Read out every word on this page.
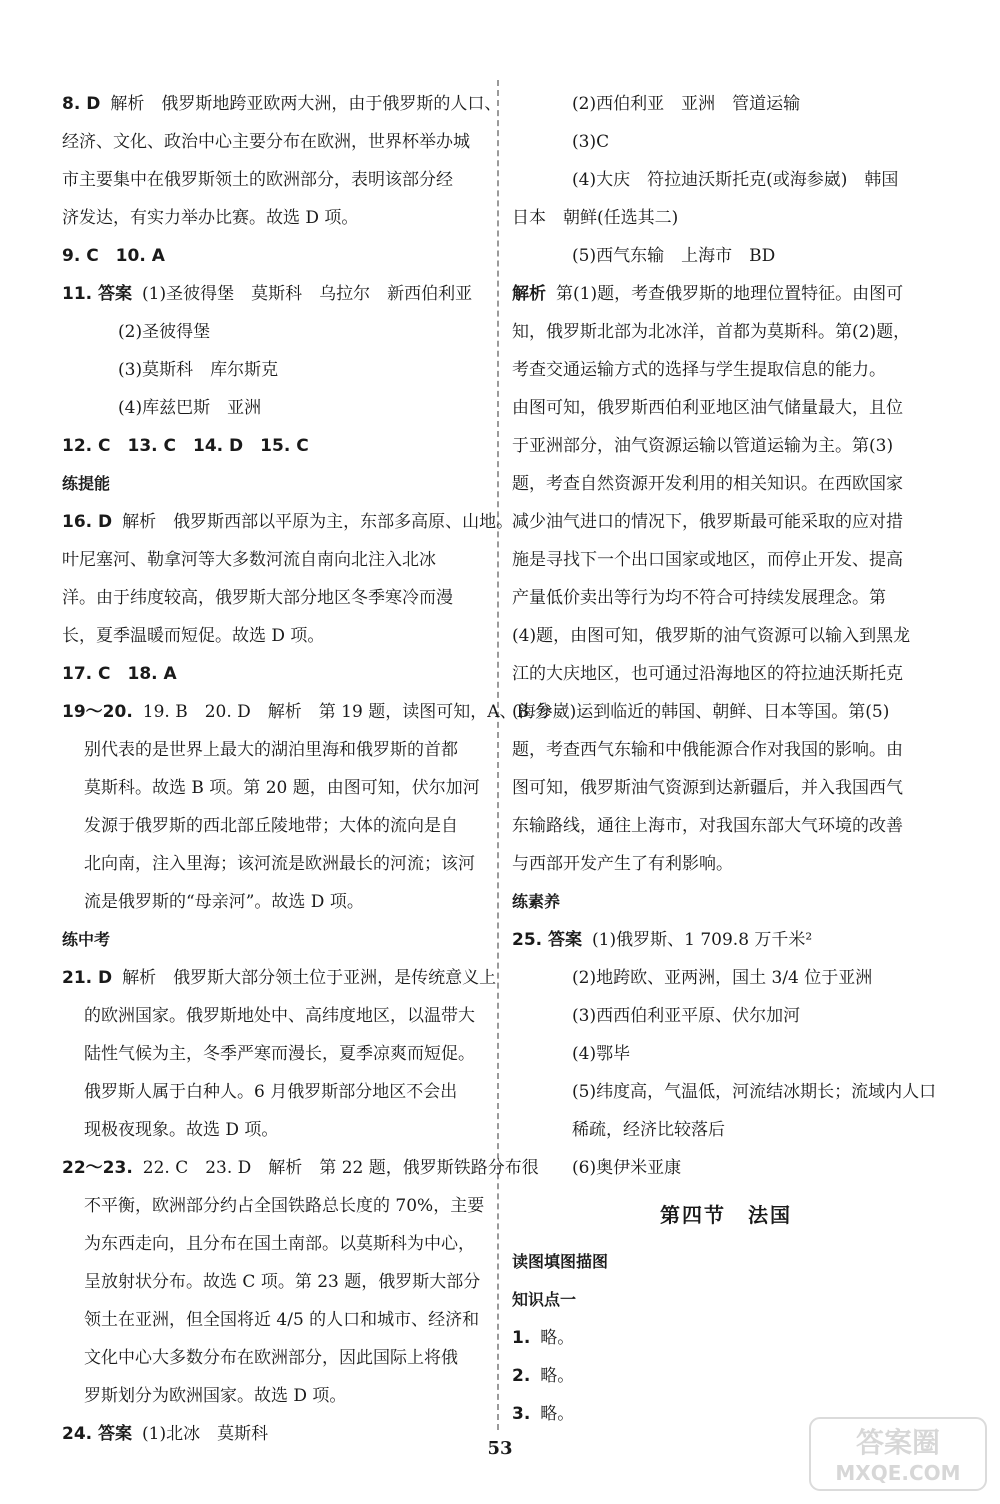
8. D 解析　俄罗斯地跨亚欧两大洲，由于俄罗斯的人口、
经济、文化、政治中心主要分布在欧洲，世界杯举办城
市主要集中在俄罗斯领土的欧洲部分，表明该部分经
济发达，有实力举办比赛。故选 D 项。
9. C　10. A
11. 答案 (1)圣彼得堡　莫斯科　乌拉尔　新西伯利亚
(2)圣彼得堡
(3)莫斯科　库尔斯克
(4)库兹巴斯　亚洲
12. C　13. C　14. D　15. C
练提能
16. D 解析　俄罗斯西部以平原为主，东部多高原、山地。
叶尼塞河、勒拿河等大多数河流自南向北注入北冰
洋。由于纬度较高，俄罗斯大部分地区冬季寒冷而漫
长，夏季温暖而短促。故选 D 项。
17. C　18. A
19～20. 19. B　20. D　解析　第 19 题，读图可知，A、B 分
别代表的是世界上最大的湖泊里海和俄罗斯的首都
莫斯科。故选 B 项。第 20 题，由图可知，伏尔加河
发源于俄罗斯的西北部丘陵地带；大体的流向是自
北向南，注入里海；该河流是欧洲最长的河流；该河
流是俄罗斯的“母亲河”。故选 D 项。
练中考
21. D 解析　俄罗斯大部分领土位于亚洲，是传统意义上
的欧洲国家。俄罗斯地处中、高纬度地区，以温带大
陆性气候为主，冬季严寒而漫长，夏季凉爽而短促。
俄罗斯人属于白种人。6 月俄罗斯部分地区不会出
现极夜现象。故选 D 项。
22～23. 22. C　23. D　解析　第 22 题，俄罗斯铁路分布很
不平衡，欧洲部分约占全国铁路总长度的 70%，主要
为东西走向，且分布在国土南部。以莫斯科为中心，
呈放射状分布。故选 C 项。第 23 题，俄罗斯大部分
领土在亚洲，但全国将近 4/5 的人口和城市、经济和
文化中心大多数分布在欧洲部分，因此国际上将俄
罗斯划分为欧洲国家。故选 D 项。
24. 答案 (1)北冰　莫斯科
(2)西伯利亚　亚洲　管道运输
(3)C
(4)大庆　符拉迪沃斯托克(或海参崴)　韩国
日本　朝鲜(任选其二)
(5)西气东输　上海市　BD
解析 第(1)题，考查俄罗斯的地理位置特征。由图可
知，俄罗斯北部为北冰洋，首都为莫斯科。第(2)题，
考查交通运输方式的选择与学生提取信息的能力。
由图可知，俄罗斯西伯利亚地区油气储量最大，且位
于亚洲部分，油气资源运输以管道运输为主。第(3)
题，考查自然资源开发利用的相关知识。在西欧国家
减少油气进口的情况下，俄罗斯最可能采取的应对措
施是寻找下一个出口国家或地区，而停止开发、提高
产量低价卖出等行为均不符合可持续发展理念。第
(4)题，由图可知，俄罗斯的油气资源可以输入到黑龙
江的大庆地区，也可通过沿海地区的符拉迪沃斯托克
(海参崴)运到临近的韩国、朝鲜、日本等国。第(5)
题，考查西气东输和中俄能源合作对我国的影响。由
图可知，俄罗斯油气资源到达新疆后，并入我国西气
东输路线，通往上海市，对我国东部大气环境的改善
与西部开发产生了有利影响。
练素养
25. 答案 (1)俄罗斯、1 709.8 万千米²
(2)地跨欧、亚两洲，国土 3/4 位于亚洲
(3)西西伯利亚平原、伏尔加河
(4)鄂毕
(5)纬度高，气温低，河流结冰期长；流域内人口
稀疏，经济比较落后
(6)奥伊米亚康
第四节　法国
读图填图描图
知识点一
1. 略。
2. 略。
3. 略。
53	答案圈
MXQE.COM
